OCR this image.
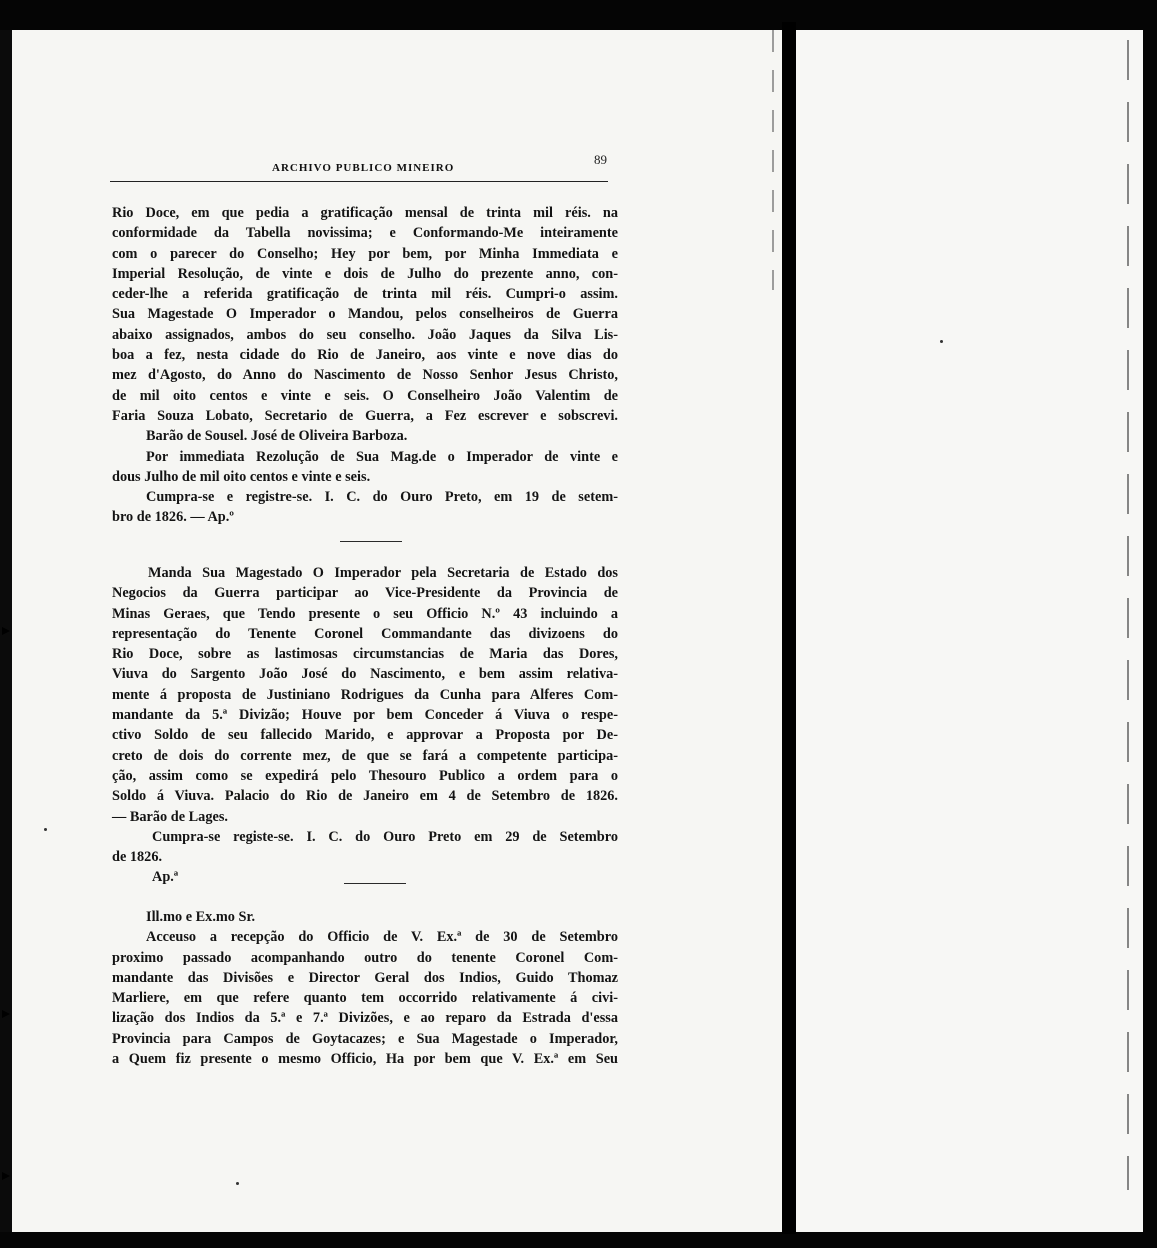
ARCHIVO PUBLICO MINEIRO
89
Rio Doce, em que pedia a gratificação mensal de trinta mil réis. na
conformidade da Tabella novissima; e Conformando-Me inteiramente
com o parecer do Conselho; Hey por bem, por Minha Immediata e
Imperial Resolução, de vinte e dois de Julho do prezente anno, con-
ceder-lhe a referida gratificação de trinta mil réis. Cumpri-o assim.
Sua Magestade O Imperador o Mandou, pelos conselheiros de Guerra
abaixo assignados, ambos do seu conselho. João Jaques da Silva Lis-
boa a fez, nesta cidade do Rio de Janeiro, aos vinte e nove dias do
mez d'Agosto, do Anno do Nascimento de Nosso Senhor Jesus Christo,
de mil oito centos e vinte e seis. O Conselheiro João Valentim de
Faria Souza Lobato, Secretario de Guerra, a Fez escrever e sobscrevi.
Barão de Sousel. José de Oliveira Barboza.
Por immediata Rezolução de Sua Mag.de o Imperador de vinte e
dous Julho de mil oito centos e vinte e seis.
Cumpra-se e registre-se. I. C. do Ouro Preto, em 19 de setem-
bro de 1826. — Ap.º
Manda Sua Magestado O Imperador pela Secretaria de Estado dos
Negocios da Guerra participar ao Vice-Presidente da Provincia de
Minas Geraes, que Tendo presente o seu Officio N.º 43 incluindo a
representação do Tenente Coronel Commandante das divizoens do
Rio Doce, sobre as lastimosas circumstancias de Maria das Dores,
Viuva do Sargento João José do Nascimento, e bem assim relativa-
mente á proposta de Justiniano Rodrigues da Cunha para Alferes Com-
mandante da 5.ª Divizão; Houve por bem Conceder á Viuva o respe-
ctivo Soldo de seu fallecido Marido, e approvar a Proposta por De-
creto de dois do corrente mez, de que se fará a competente participa-
ção, assim como se expedirá pelo Thesouro Publico a ordem para o
Soldo á Viuva. Palacio do Rio de Janeiro em 4 de Setembro de 1826.
— Barão de Lages.
Cumpra-se registe-se. I. C. do Ouro Preto em 29 de Setembro
de 1826.
Ap.ª
Ill.mo e Ex.mo Sr.
Acceuso a recepção do Officio de V. Ex.ª de 30 de Setembro
proximo passado acompanhando outro do tenente Coronel Com-
mandante das Divisões e Director Geral dos Indios, Guido Thomaz
Marliere, em que refere quanto tem occorrido relativamente á civi-
lização dos Indios da 5.ª e 7.ª Divizões, e ao reparo da Estrada d'essa
Provincia para Campos de Goytacazes; e Sua Magestade o Imperador,
a Quem fiz presente o mesmo Officio, Ha por bem que V. Ex.ª em Seu
